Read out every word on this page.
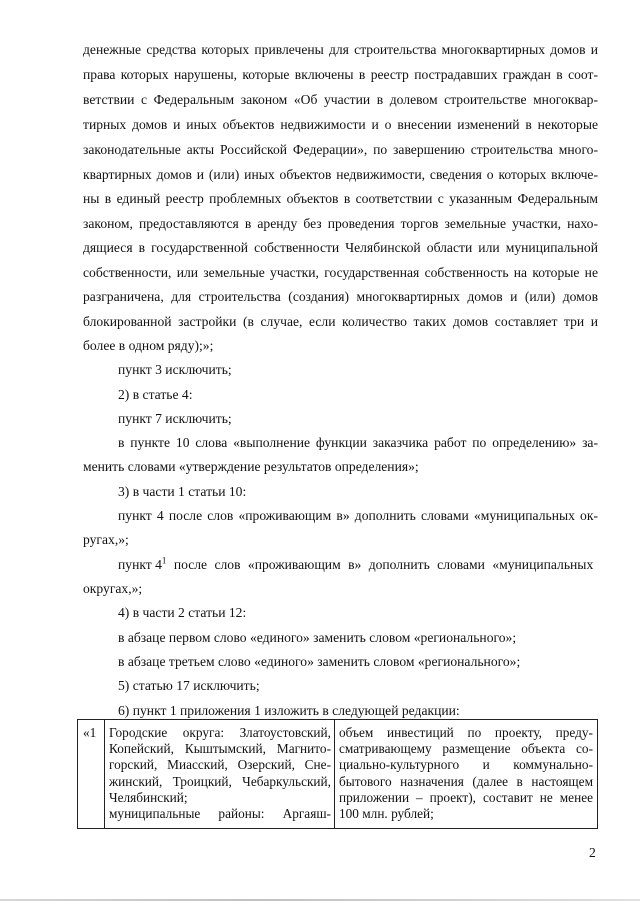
денежные средства которых привлечены для строительства многоквартирных домов и
права которых нарушены, которые включены в реестр пострадавших граждан в соот-
ветствии с Федеральным законом «Об участии в долевом строительстве многоквар-
тирных домов и иных объектов недвижимости и о внесении изменений в некоторые
законодательные акты Российской Федерации», по завершению строительства много-
квартирных домов и (или) иных объектов недвижимости, сведения о которых включе-
ны в единый реестр проблемных объектов в соответствии с указанным Федеральным
законом, предоставляются в аренду без проведения торгов земельные участки, нахо-
дящиеся в государственной собственности Челябинской области или муниципальной
собственности, или земельные участки, государственная собственность на которые не
разграничена, для строительства (создания) многоквартирных домов и (или) домов
блокированной застройки (в случае, если количество таких домов составляет три и
более в одном ряду);»;
пункт 3 исключить;
2) в статье 4:
пункт 7 исключить;
в пункте 10 слова «выполнение функции заказчика работ по определению» за-
менить словами «утверждение результатов определения»;
3) в части 1 статьи 10:
пункт 4 после слов «проживающим в» дополнить словами «муниципальных ок-
ругах,»;
пункт $4^1$ после слов «проживающим в» дополнить словами «муниципальных
округах,»;
4) в части 2 статьи 12:
в абзаце первом слово «единого» заменить словом «регионального»;
в абзаце третьем слово «единого» заменить словом «регионального»;
5) статью 17 исключить;
6) пункт 1 приложения 1 изложить в следующей редакции:
«1 Городские округа: Златоустовский,
Копейский, Кыштымский, Магнито-
горский, Миасский, Озерский, Сне-
жинский, Троицкий, Чебаркульский,
Челябинский;
муниципальные районы: Аргаяш-
объем инвестиций по проекту, преду-
сматривающему размещение объекта со-
циально-культурного и коммунально-
бытового назначения (далее в настоящем
приложении – проект), составит не менее
100 млн. рублей;
2
